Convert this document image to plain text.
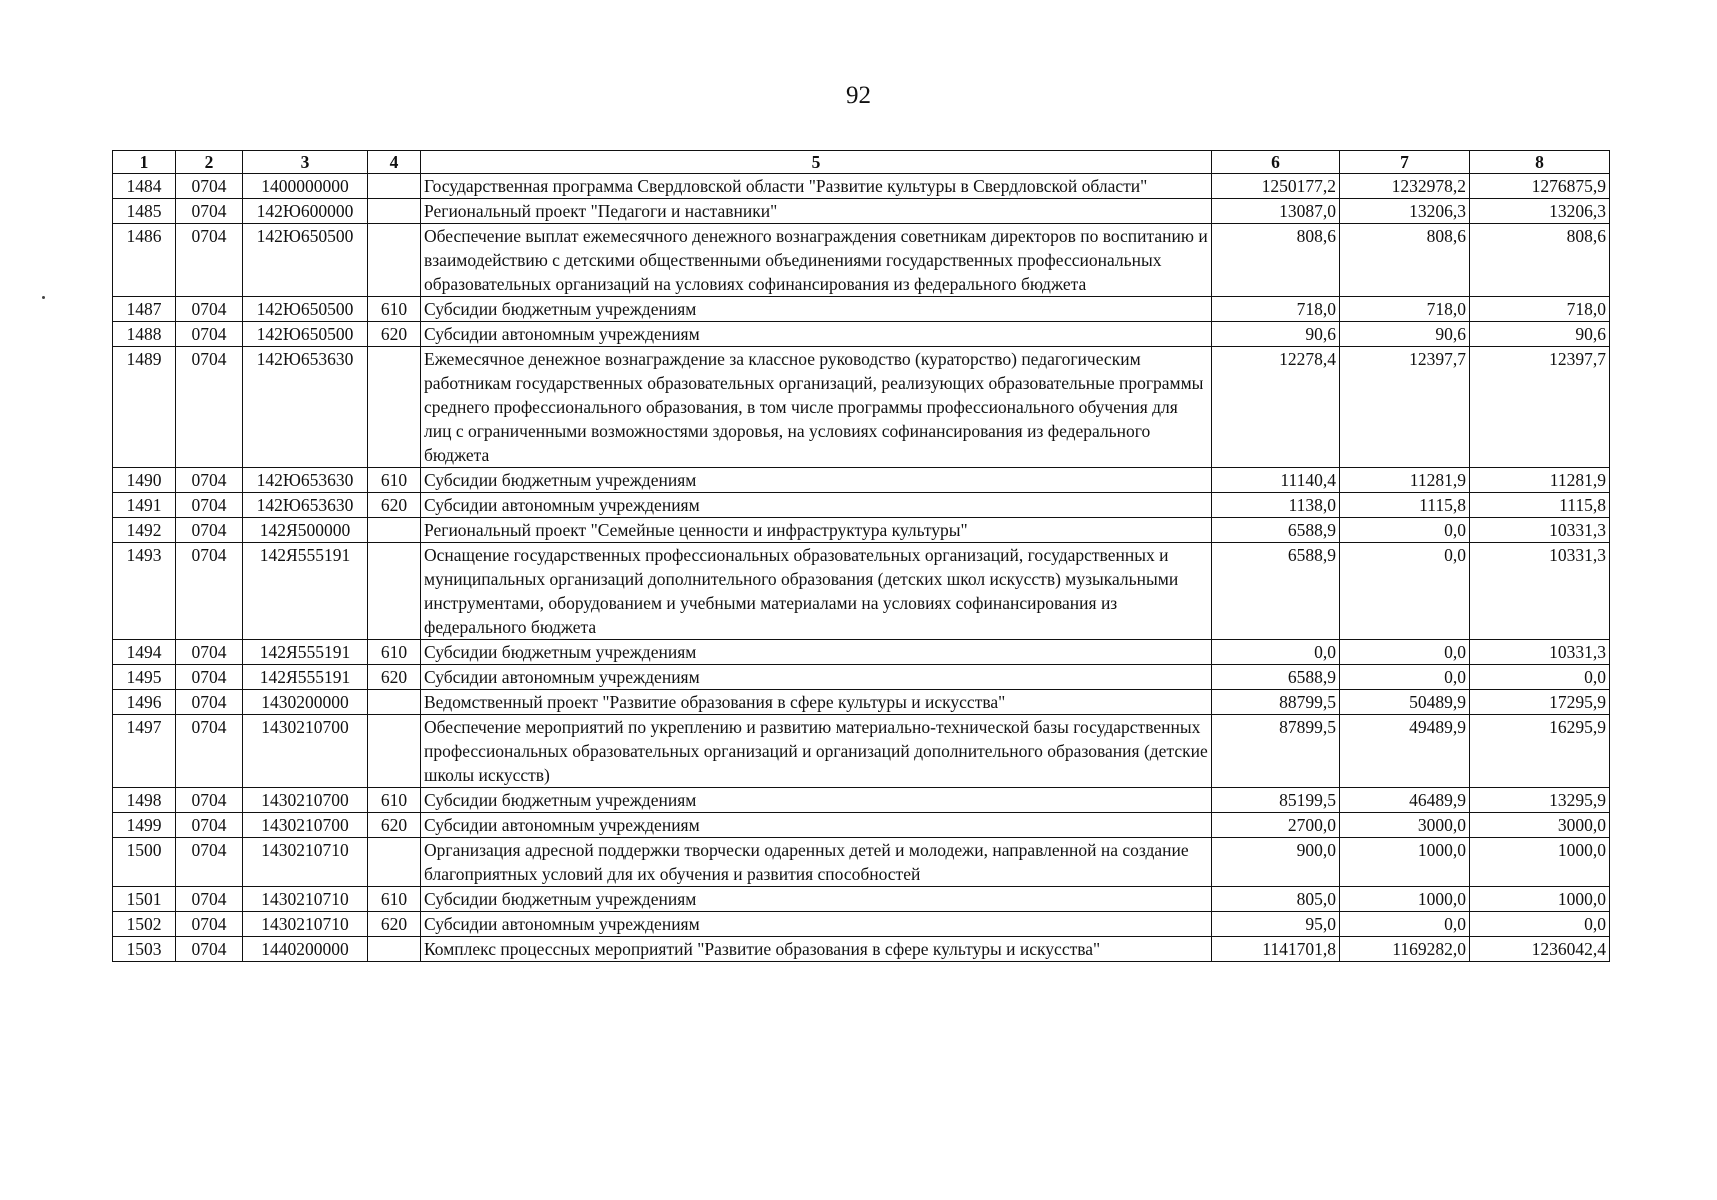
92
1	2	3	4	5	6	7	8
1484	0704	1400000000		Государственная программа Свердловской области "Развитие культуры в Свердловской области"	1250177,2	1232978,2	1276875,9
1485	0704	142Ю600000		Региональный проект "Педагоги и наставники"	13087,0	13206,3	13206,3
1486	0704	142Ю650500		Обеспечение выплат ежемесячного денежного вознаграждения советникам директоров по воспитанию и взаимодействию с детскими общественными объединениями государственных профессиональных образовательных организаций на условиях софинансирования из федерального бюджета	808,6	808,6	808,6
1487	0704	142Ю650500	610	Субсидии бюджетным учреждениям	718,0	718,0	718,0
1488	0704	142Ю650500	620	Субсидии автономным учреждениям	90,6	90,6	90,6
1489	0704	142Ю653630		Ежемесячное денежное вознаграждение за классное руководство (кураторство) педагогическим работникам государственных образовательных организаций, реализующих образовательные программы среднего профессионального образования, в том числе программы профессионального обучения для лиц с ограниченными возможностями здоровья, на условиях софинансирования из федерального бюджета	12278,4	12397,7	12397,7
1490	0704	142Ю653630	610	Субсидии бюджетным учреждениям	11140,4	11281,9	11281,9
1491	0704	142Ю653630	620	Субсидии автономным учреждениям	1138,0	1115,8	1115,8
1492	0704	142Я500000		Региональный проект "Семейные ценности и инфраструктура культуры"	6588,9	0,0	10331,3
1493	0704	142Я555191		Оснащение государственных профессиональных образовательных организаций, государственных и муниципальных организаций дополнительного образования (детских школ искусств) музыкальными инструментами, оборудованием и учебными материалами на условиях софинансирования из федерального бюджета	6588,9	0,0	10331,3
1494	0704	142Я555191	610	Субсидии бюджетным учреждениям	0,0	0,0	10331,3
1495	0704	142Я555191	620	Субсидии автономным учреждениям	6588,9	0,0	0,0
1496	0704	1430200000		Ведомственный проект "Развитие образования в сфере культуры и искусства"	88799,5	50489,9	17295,9
1497	0704	1430210700		Обеспечение мероприятий по укреплению и развитию материально-технической базы государственных профессиональных образовательных организаций и организаций дополнительного образования (детские школы искусств)	87899,5	49489,9	16295,9
1498	0704	1430210700	610	Субсидии бюджетным учреждениям	85199,5	46489,9	13295,9
1499	0704	1430210700	620	Субсидии автономным учреждениям	2700,0	3000,0	3000,0
1500	0704	1430210710		Организация адресной поддержки творчески одаренных детей и молодежи, направленной на создание благоприятных условий для их обучения и развития способностей	900,0	1000,0	1000,0
1501	0704	1430210710	610	Субсидии бюджетным учреждениям	805,0	1000,0	1000,0
1502	0704	1430210710	620	Субсидии автономным учреждениям	95,0	0,0	0,0
1503	0704	1440200000		Комплекс процессных мероприятий "Развитие образования в сфере культуры и искусства"	1141701,8	1169282,0	1236042,4
